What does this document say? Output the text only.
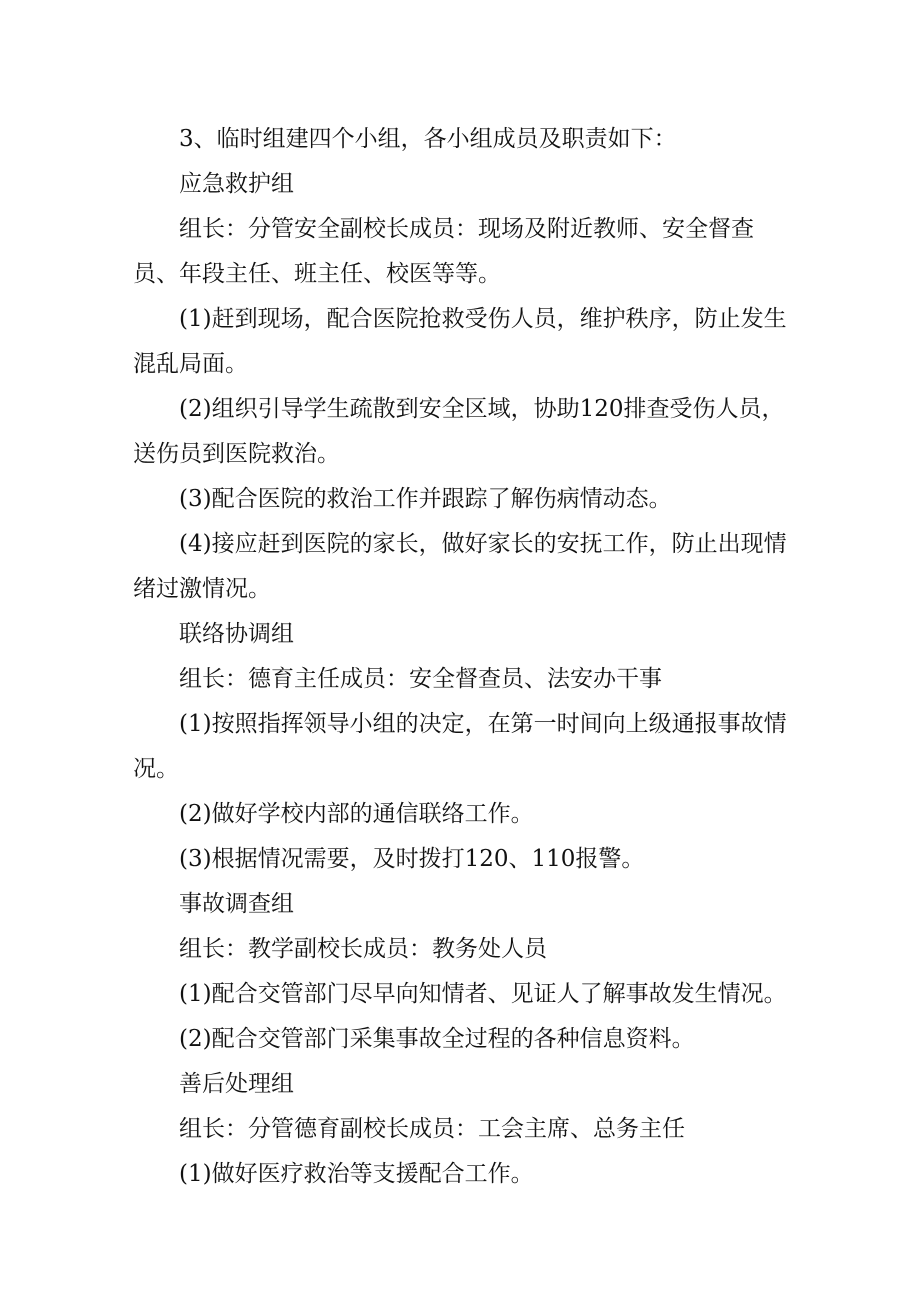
3、临时组建四个小组，各小组成员及职责如下：

应急救护组

组长：分管安全副校长成员：现场及附近教师、安全督查员、年段主任、班主任、校医等等。

(1)赶到现场，配合医院抢救受伤人员，维护秩序，防止发生混乱局面。

(2)组织引导学生疏散到安全区域，协助120排查受伤人员，送伤员到医院救治。

(3)配合医院的救治工作并跟踪了解伤病情动态。

(4)接应赶到医院的家长，做好家长的安抚工作，防止出现情绪过激情况。

联络协调组

组长：德育主任成员：安全督查员、法安办干事

(1)按照指挥领导小组的决定，在第一时间向上级通报事故情况。

(2)做好学校内部的通信联络工作。

(3)根据情况需要，及时拨打120、110报警。

事故调查组

组长：教学副校长成员：教务处人员

(1)配合交管部门尽早向知情者、见证人了解事故发生情况。

(2)配合交管部门采集事故全过程的各种信息资料。

善后处理组

组长：分管德育副校长成员：工会主席、总务主任

(1)做好医疗救治等支援配合工作。
